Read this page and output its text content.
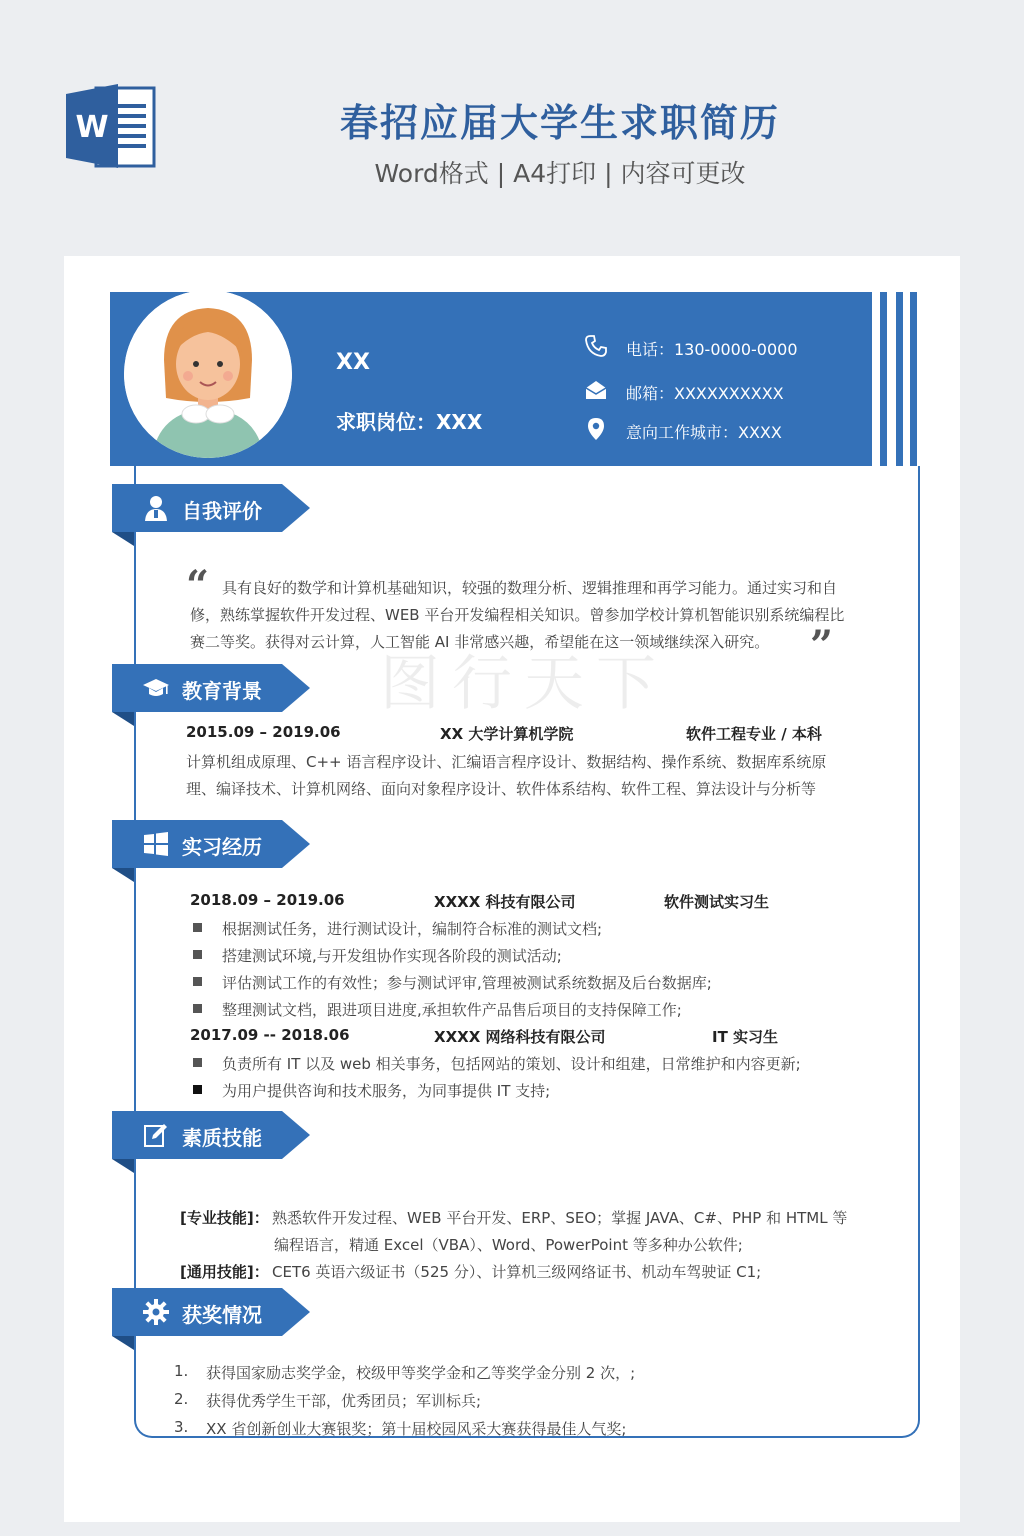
W	春招应届大学生求职简历
Word格式 | A4打印 | 内容可更改
图行天下
XX
求职岗位：XXX
电话：130-0000-0000
邮箱：XXXXXXXXXX
意向工作城市：XXXX
自我评价
“ 具有良好的数学和计算机基础知识，较强的数理分析、逻辑推理和再学习能力。通过实习和自
修，熟练掌握软件开发过程、WEB 平台开发编程相关知识。曾参加学校计算机智能识别系统编程比
赛二等奖。获得对云计算，人工智能 AI 非常感兴趣，希望能在这一领域继续深入研究。 ”
教育背景
2015.09 – 2019.06	XX 大学计算机学院	软件工程专业 / 本科
计算机组成原理、C++ 语言程序设计、汇编语言程序设计、数据结构、操作系统、数据库系统原
理、编译技术、计算机网络、面向对象程序设计、软件体系结构、软件工程、算法设计与分析等
实习经历
2018.09 – 2019.06	XXXX 科技有限公司	软件测试实习生
根据测试任务，进行测试设计，编制符合标准的测试文档;
搭建测试环境,与开发组协作实现各阶段的测试活动;
评估测试工作的有效性；参与测试评审,管理被测试系统数据及后台数据库;
整理测试文档，跟进项目进度,承担软件产品售后项目的支持保障工作;
2017.09 -- 2018.06	XXXX 网络科技有限公司	IT 实习生
负责所有 IT 以及 web 相关事务，包括网站的策划、设计和组建，日常维护和内容更新;
为用户提供咨询和技术服务，为同事提供 IT 支持;
素质技能
[专业技能]： 熟悉软件开发过程、WEB 平台开发、ERP、SEO；掌握 JAVA、C#、PHP 和 HTML 等
编程语言，精通 Excel（VBA）、Word、PowerPoint 等多种办公软件;
[通用技能]： CET6 英语六级证书（525 分）、计算机三级网络证书、机动车驾驶证 C1;
获奖情况
1. 获得国家励志奖学金，校级甲等奖学金和乙等奖学金分别 2 次，;
2. 获得优秀学生干部，优秀团员；军训标兵;
3. XX 省创新创业大赛银奖；第十届校园风采大赛获得最佳人气奖;
